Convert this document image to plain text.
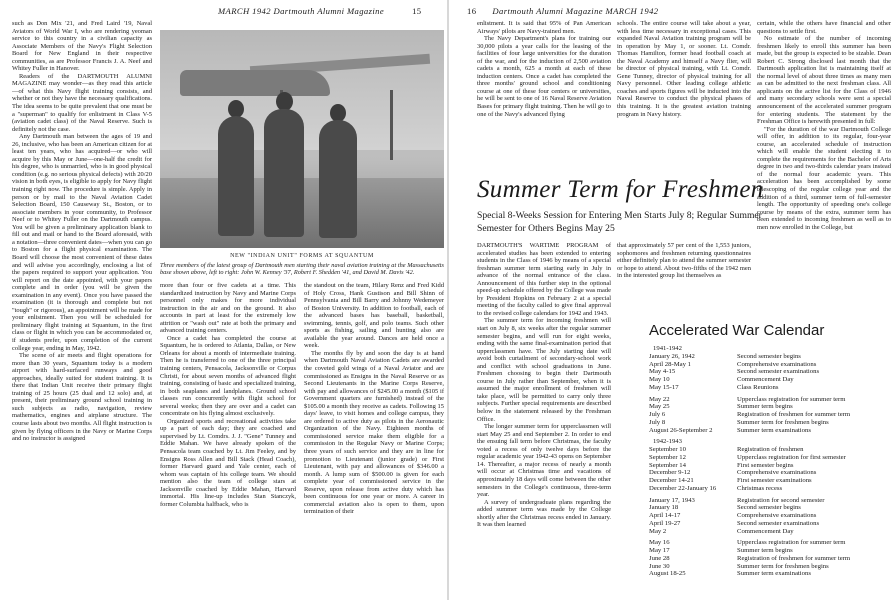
MARCH 1942 Dartmouth Alumni Magazine	15

such as Don Mix '21, and Fred Laird '19, Naval Aviators of World War I, who are rendering yeoman service to this country in a civilian capacity as Associate Members of the Navy's Flight Selection Board for New England in their respective communities, as are Professor Francis J. A. Neef and Whitey Fuller in Hanover.

Readers of the DARTMOUTH ALUMNI MAGAZINE may wonder—as they read this article—of what this Navy flight training consists, and whether or not they have the necessary qualifications. The idea seems to be quite prevalent that one must be a "superman" to qualify for enlistment in Class V-5 (aviation cadet class) of the Naval Reserve. Such is definitely not the case.

Any Dartmouth man between the ages of 19 and 26, inclusive, who has been an American citizen for at least ten years, who has acquired—or who will acquire by this May or June—one-half the credit for his degree, who is unmarried, who is in good physical condition (e.g. no serious physical defects) with 20/20 vision in both eyes, is eligible to apply for Navy flight training right now. The procedure is simple. Apply in person or by mail to the Naval Aviation Cadet Selection Board, 150 Causeway St., Boston, or to associate members in your community, to Professor Neef or to Whitey Fuller on the Dartmouth campus. You will be given a preliminary application blank to fill out and mail or hand to the Board aforesaid, with a notation—three convenient dates—when you can go to Boston for a flight physical examination. The Board will choose the most convenient of these dates and will advise you accordingly, enclosing a list of the papers required to support your application. You will report on the date appointed, with your papers complete and in order (you will be given the examination in any event). Once you have passed the examination (it is thorough and complete but not "tough" or rigorous), an appointment will be made for your enlistment. Then you will be scheduled for preliminary flight training at Squantum, in the first class or flight in which you can be accommodated or, if students prefer, upon completion of the current college year, ending in May, 1942.

The scene of air meets and flight operations for more than 30 years, Squantum today is a modern airport with hard-surfaced runways and good approaches, ideally suited for student training. It is there that Indian Unit receive their primary flight training of 25 hours (25 dual and 12 solo) and, at present, their preliminary ground school training in such subjects as radio, navigation, review mathematics, engines and airplane structure. The course lasts about two months. All flight instruction is given by flying officers in the Navy or Marine Corps and no instructor is assigned

NEW "INDIAN UNIT" FORMS AT SQUANTUM
Three members of the latest group of Dartmouth men starting their naval aviation training at the Massachusetts base shown above, left to right: John W. Kenney '37, Robert F. Shedden '41, and David M. Davis '42.

more than four or five cadets at a time. This standardized instruction by Navy and Marine Corps personnel only makes for more individual instruction in the air and on the ground. It also accounts in part at least for the extremely low attrition or "wash out" rate at both the primary and advanced training centers.

Once a cadet has completed the course at Squantum, he is ordered to Atlanta, Dallas, or New Orleans for about a month of intermediate training. Then he is transferred to one of the three principal training centers, Pensacola, Jacksonville or Corpus Christi, for about seven months of advanced flight training, consisting of basic and specialized training, in both seaplanes and landplanes. Ground school classes run concurrently with flight school for several weeks; then they are over and a cadet can concentrate on his flying almost exclusively.

Organized sports and recreational activities take up a part of each day; they are coached and supervised by Lt. Comdrs. J. J. "Gene" Tunney and Eddie Mahan. We have already spoken of the Pensacola team coached by Lt. Jim Feeley, and by Ensigns Ross Allen and Bill Stack (Head Coach), former Harvard guard and Yale center, each of whom was captain of his college team. We should mention also the team of college stars at Jacksonville coached by Eddie Mahan, Harvard immortal. His line-up includes Stan Stanczyk, former Columbia halfback, who is

the standout on the team, Hilary Renz and Fred Kidd of Holy Cross, Hank Gustison and Bill Shinn of Pennsylvania and Bill Barry and Johnny Wedemeyer of Boston University. In addition to football, each of the advanced bases has baseball, basketball, swimming, tennis, golf, and polo teams. Such other sports as fishing, sailing and hunting also are available the year around. Dances are held once a week.

The months fly by and soon the day is at hand when Dartmouth Naval Aviation Cadets are awarded the coveted gold wings of a Naval Aviator and are commissioned as Ensigns in the Naval Reserve or as Second Lieutenants in the Marine Corps Reserve, with pay and allowances of $245.00 a month ($105 if Government quarters are furnished) instead of the $105.00 a month they receive as cadets. Following 15 days' leave, to visit homes and college campus, they are ordered to active duty as pilots in the Aeronautic Organization of the Navy. Eighteen months of commissioned service make them eligible for a commission in the Regular Navy or Marine Corps; three years of such service and they are in line for promotion to Lieutenant (junior grade) or First Lieutenant, with pay and allowances of $346.00 a month. A lump sum of $500.00 is given for each complete year of commissioned service in the Reserve, upon release from active duty which has been continuous for one year or more. A career in commercial aviation also is open to them, upon termination of their

16 Dartmouth Alumni Magazine MARCH 1942

enlistment. It is said that 95% of Pan American Airways' pilots are Navy-trained men.

The Navy Department's plans for training our 30,000 pilots a year calls for the leasing of the facilities of four large universities for the duration of the war, and for the induction of 2,500 aviation cadets a month, 625 a month at each of these induction centers. Once a cadet has completed the three months' ground school and conditioning course at one of these four centers or universities, he will be sent to one of 16 Naval Reserve Aviation Bases for primary flight training. Then he will go to one of the Navy's advanced flying

schools. The entire course will take about a year, with less time necessary in exceptional cases. This expanded Naval Aviation training program will be in operation by May 1, or sooner. Lt. Comdr. Thomas Hamilton, former head football coach at the Naval Academy and himself a Navy flier, will be director of physical training, with Lt. Comdr. Gene Tunney, director of physical training for all Navy personnel. Other leading college athletic coaches and sports figures will be inducted into the Naval Reserve to conduct the physical phases of this training. It is the greatest aviation training program in Navy history.

certain, while the others have financial and other questions to settle first.

No estimate of the number of incoming freshmen likely to enroll this summer has been made, but the group is expected to be sizable. Dean Robert C. Strong disclosed last month that the Dartmouth application list is maintaining itself at the normal level of about three times as many men as can be admitted to the next freshman class. All applicants on the active list for the Class of 1946 and many secondary schools were sent a special announcement of the accelerated summer program for entering students. The statement by the Freshman Office is herewith presented in full:

"For the duration of the war Dartmouth College will offer, in addition to its regular, four-year course, an accelerated schedule of instruction which will enable the student electing it to complete the requirements for the Bachelor of Arts degree in two and two-thirds calendar years instead of the normal four academic years. This acceleration has been accomplished by some telescoping of the regular college year and the addition of a third, summer term of full-semester length. The opportunity of speeding one's college course by means of the extra, summer term has been extended to incoming freshmen as well as to men now enrolled in the College, but

Summer Term for Freshmen
Special 8-Weeks Session for Entering Men Starts July 8; Regular Summer Semester for Others Begins May 25

DARTMOUTH'S WARTIME PROGRAM of accelerated studies has been extended to entering students in the Class of 1946 by means of a special freshman summer term starting early in July in advance of the normal entrance of the class. Announcement of this further step in the optional speed-up schedule offered by the College was made by President Hopkins on February 2 at a special meeting of the faculty called to give final approval to the revised college calendars for 1942 and 1943.

The summer term for incoming freshmen will start on July 8, six weeks after the regular summer semester begins, and will run for eight weeks, ending with the same final-examination period that upperclassmen have. The July starting date will avoid both curtailment of secondary-school work and conflict with school graduations in June. Freshmen choosing to begin their Dartmouth course in July rather than September, when it is assumed the major enrollment of freshmen will take place, will be permitted to carry only three subjects. Further special requirements are described below in the statement released by the Freshman Office.

The longer summer term for upperclassmen will start May 25 and end September 2. In order to end the ensuing fall term before Christmas, the faculty voted a recess of only twelve days before the regular academic year 1942-43 opens on September 14. Thereafter, a major recess of nearly a month will occur at Christmas time and vacations of approximately 18 days will come between the other semesters in the College's continuous, three-term year.

A survey of undergraduate plans regarding the added summer term was made by the College shortly after the Christmas recess ended in January. It was then learned

that approximately 57 per cent of the 1,553 juniors, sophomores and freshmen returning questionnaires either definitely plan to attend the summer semester or hope to attend. About two-fifths of the 1942 men in the interested group list themselves as

Accelerated War Calendar
1941-1942
January 26, 1942	Second semester begins
April 28-May 1	Comprehensive examinations
May 4-15	Second semester examinations
May 10	Commencement Day
May 15-17	Class Reunions
May 22	Upperclass registration for summer term
May 25	Summer term begins
July 6	Registration of freshmen for summer term
July 8	Summer term for freshmen begins
August 26-September 2	Summer term examinations
1942-1943
September 10	Registration of freshmen
September 12	Upperclass registration for first semester
September 14	First semester begins
December 9-12	Comprehensive examinations
December 14-21	First semester examinations
December 22-January 16	Christmas recess
January 17, 1943	Registration for second semester
January 18	Second semester begins
April 14-17	Comprehensive examinations
April 19-27	Second semester examinations
May 2	Commencement Day
May 16	Upperclass registration for summer term
May 17	Summer term begins
June 28	Registration of freshmen for summer term
June 30	Summer term for freshmen begins
August 18-25	Summer term examinations
